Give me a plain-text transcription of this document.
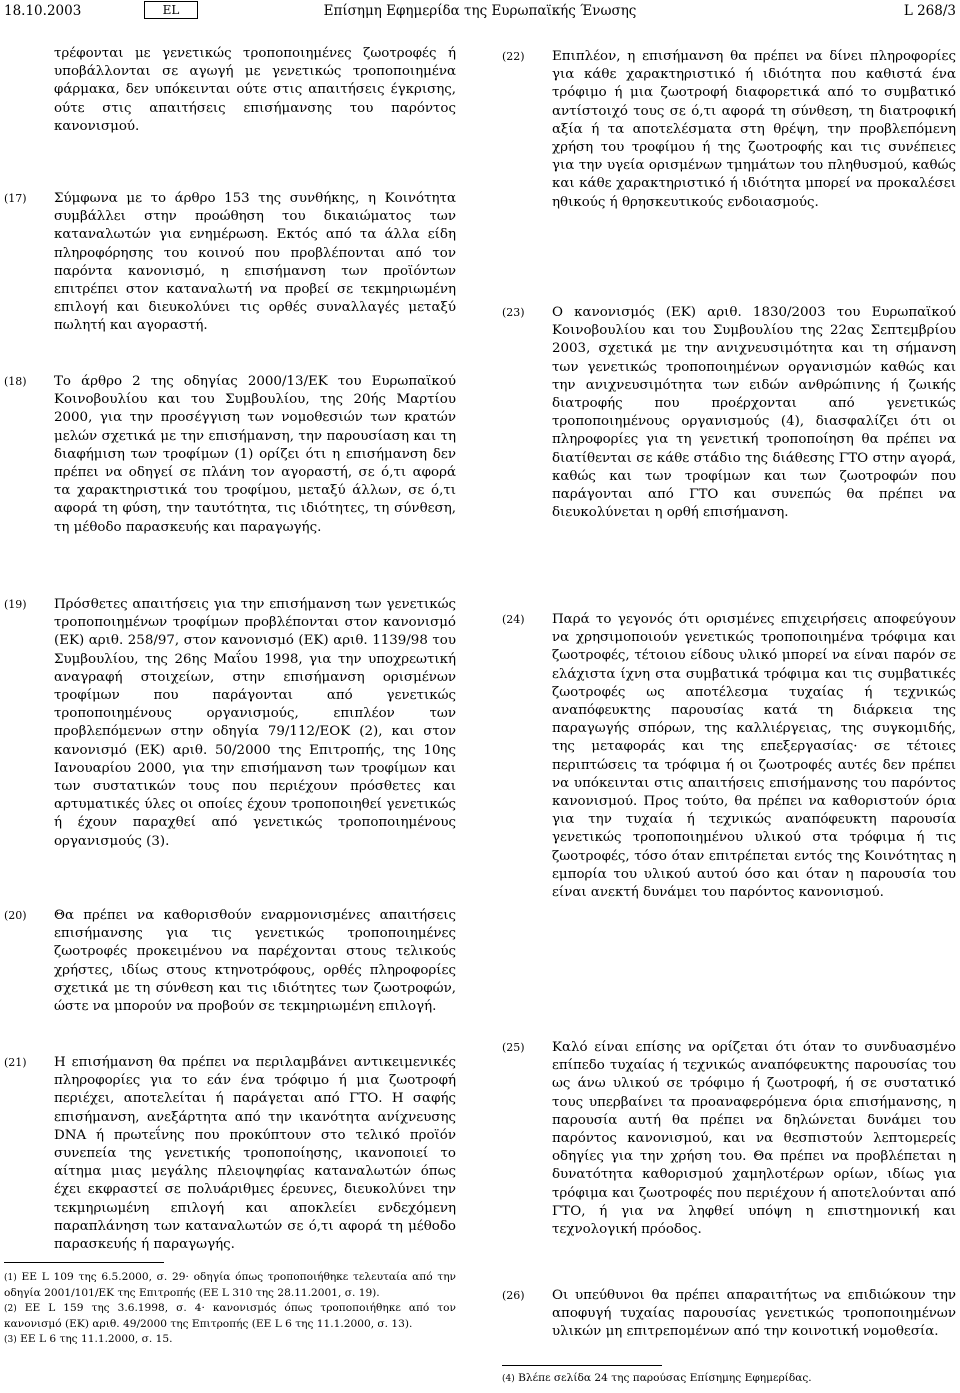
18.10.2003	EL	Επίσημη Εφημερίδα της Ευρωπαϊκής Ένωσης	L 268/3
τρέφονται με γενετικώς τροποποιημένες ζωοτροφές ή υποβάλλονται σε αγωγή με γενετικώς τροποποιημένα φάρμακα, δεν υπόκεινται ούτε στις απαιτήσεις έγκρισης, ούτε στις απαιτήσεις επισήμανσης του παρόντος κανονισμού.
(17) Σύμφωνα με το άρθρο 153 της συνθήκης, η Κοινότητα συμβάλλει στην προώθηση του δικαιώματος των καταναλωτών για ενημέρωση. Εκτός από τα άλλα είδη πληροφόρησης του κοινού που προβλέπονται από τον παρόντα κανονισμό, η επισήμανση των προϊόντων επιτρέπει στον καταναλωτή να προβεί σε τεκμηριωμένη επιλογή και διευκολύνει τις ορθές συναλλαγές μεταξύ πωλητή και αγοραστή.
(18) Το άρθρο 2 της οδηγίας 2000/13/ΕΚ του Ευρωπαϊκού Κοινοβουλίου και του Συμβουλίου, της 20ής Μαρτίου 2000, για την προσέγγιση των νομοθεσιών των κρατών μελών σχετικά με την επισήμανση, την παρουσίαση και τη διαφήμιση των τροφίμων (1) ορίζει ότι η επισήμανση δεν πρέπει να οδηγεί σε πλάνη τον αγοραστή, σε ό,τι αφορά τα χαρακτηριστικά του τροφίμου, μεταξύ άλλων, σε ό,τι αφορά τη φύση, την ταυτότητα, τις ιδιότητες, τη σύνθεση, τη μέθοδο παρασκευής και παραγωγής.
(22) Επιπλέον, η επισήμανση θα πρέπει να δίνει πληροφορίες για κάθε χαρακτηριστικό ή ιδιότητα που καθιστά ένα τρόφιμο ή μια ζωοτροφή διαφορετικά από το συμβατικό αντίστοιχό τους σε ό,τι αφορά τη σύνθεση, τη διατροφική αξία ή τα αποτελέσματα στη θρέψη, την προβλεπόμενη χρήση του τροφίμου ή της ζωοτροφής και τις συνέπειες για την υγεία ορισμένων τμημάτων του πληθυσμού, καθώς και κάθε χαρακτηριστικό ή ιδιότητα μπορεί να προκαλέσει ηθικούς ή θρησκευτικούς ενδοιασμούς.
(23) Ο κανονισμός (ΕΚ) αριθ. 1830/2003 του Ευρωπαϊκού Κοινοβουλίου και του Συμβουλίου της 22ας Σεπτεμβρίου 2003, σχετικά με την ανιχνευσιμότητα και τη σήμανση των γενετικώς τροποποιημένων οργανισμών καθώς και την ανιχνευσιμότητα των ειδών ανθρώπινης ή ζωικής διατροφής που προέρχονται από γενετικώς τροποποιημένους οργανισμούς (4), διασφαλίζει ότι οι πληροφορίες για τη γενετική τροποποίηση θα πρέπει να διατίθενται σε κάθε στάδιο της διάθεσης ΓΤΟ στην αγορά, καθώς και των τροφίμων και των ζωοτροφών που παράγονται από ΓΤΟ και συνεπώς θα πρέπει να διευκολύνεται η ορθή επισήμανση.
(19) Πρόσθετες απαιτήσεις για την επισήμανση των γενετικώς τροποποιημένων τροφίμων προβλέπονται στον κανονισμό (ΕΚ) αριθ. 258/97, στον κανονισμό (ΕΚ) αριθ. 1139/98 του Συμβουλίου, της 26ης Μαΐου 1998, για την υποχρεωτική αναγραφή στοιχείων, στην επισήμανση ορισμένων τροφίμων που παράγονται από γενετικώς τροποποιημένους οργανισμούς, επιπλέον των προβλεπόμενων στην οδηγία 79/112/ΕΟΚ (2), και στον κανονισμό (ΕΚ) αριθ. 50/2000 της Επιτροπής, της 10ης Ιανουαρίου 2000, για την επισήμανση των τροφίμων και των συστατικών τους που περιέχουν πρόσθετες και αρτυματικές ύλες οι οποίες έχουν τροποποιηθεί γενετικώς ή έχουν παραχθεί από γενετικώς τροποποιημένους οργανισμούς (3).
(20) Θα πρέπει να καθορισθούν εναρμονισμένες απαιτήσεις επισήμανσης για τις γενετικώς τροποποιημένες ζωοτροφές προκειμένου να παρέχονται στους τελικούς χρήστες, ιδίως στους κτηνοτρόφους, ορθές πληροφορίες σχετικά με τη σύνθεση και τις ιδιότητες των ζωοτροφών, ώστε να μπορούν να προβούν σε τεκμηριωμένη επιλογή.
(21) Η επισήμανση θα πρέπει να περιλαμβάνει αντικειμενικές πληροφορίες για το εάν ένα τρόφιμο ή μια ζωοτροφή περιέχει, αποτελείται ή παράγεται από ΓΤΟ. Η σαφής επισήμανση, ανεξάρτητα από την ικανότητα ανίχνευσης DNA ή πρωτεΐνης που προκύπτουν στο τελικό προϊόν συνεπεία της γενετικής τροποποίησης, ικανοποιεί το αίτημα μιας μεγάλης πλειοψηφίας καταναλωτών όπως έχει εκφραστεί σε πολυάριθμες έρευνες, διευκολύνει την τεκμηριωμένη επιλογή και αποκλείει ενδεχόμενη παραπλάνηση των καταναλωτών σε ό,τι αφορά τη μέθοδο παρασκευής ή παραγωγής.
(24) Παρά το γεγονός ότι ορισμένες επιχειρήσεις αποφεύγουν να χρησιμοποιούν γενετικώς τροποποιημένα τρόφιμα και ζωοτροφές, τέτοιου είδους υλικό μπορεί να είναι παρόν σε ελάχιστα ίχνη στα συμβατικά τρόφιμα και τις συμβατικές ζωοτροφές ως αποτέλεσμα τυχαίας ή τεχνικώς αναπόφευκτης παρουσίας κατά τη διάρκεια της παραγωγής σπόρων, της καλλιέργειας, της συγκομιδής, της μεταφοράς και της επεξεργασίας· σε τέτοιες περιπτώσεις τα τρόφιμα ή οι ζωοτροφές αυτές δεν πρέπει να υπόκεινται στις απαιτήσεις επισήμανσης του παρόντος κανονισμού. Προς τούτο, θα πρέπει να καθοριστούν όρια για την τυχαία ή τεχνικώς αναπόφευκτη παρουσία γενετικώς τροποποιημένου υλικού στα τρόφιμα ή τις ζωοτροφές, τόσο όταν επιτρέπεται εντός της Κοινότητας η εμπορία του υλικού αυτού όσο και όταν η παρουσία του είναι ανεκτή δυνάμει του παρόντος κανονισμού.
(25) Καλό είναι επίσης να ορίζεται ότι όταν το συνδυασμένο επίπεδο τυχαίας ή τεχνικώς αναπόφευκτης παρουσίας του ως άνω υλικού σε τρόφιμο ή ζωοτροφή, ή σε συστατικό τους υπερβαίνει τα προαναφερόμενα όρια επισήμανσης, η παρουσία αυτή θα πρέπει να δηλώνεται δυνάμει του παρόντος κανονισμού, και να θεσπιστούν λεπτομερείς οδηγίες για την χρήση του. Θα πρέπει να προβλέπεται η δυνατότητα καθορισμού χαμηλοτέρων ορίων, ιδίως για τρόφιμα και ζωοτροφές που περιέχουν ή αποτελούνται από ΓΤΟ, ή για να ληφθεί υπόψη η επιστημονική και τεχνολογική πρόοδος.
(26) Οι υπεύθυνοι θα πρέπει απαραιτήτως να επιδιώκουν την αποφυγή τυχαίας παρουσίας γενετικώς τροποποιημένων υλικών μη επιτρεπομένων από την κοινοτική νομοθεσία.

(1) ΕΕ L 109 της 6.5.2000, σ. 29· οδηγία όπως τροποποιήθηκε τελευταία από την οδηγία 2001/101/ΕΚ της Επιτροπής (ΕΕ L 310 της 28.11.2001, σ. 19).

(2) ΕΕ L 159 της 3.6.1998, σ. 4· κανονισμός όπως τροποποιήθηκε από τον κανονισμό (ΕΚ) αριθ. 49/2000 της Επιτροπής (ΕΕ L 6 της 11.1.2000, σ. 13).

(3) ΕΕ L 6 της 11.1.2000, σ. 15.

(4) Βλέπε σελίδα 24 της παρούσας Επίσημης Εφημερίδας.
